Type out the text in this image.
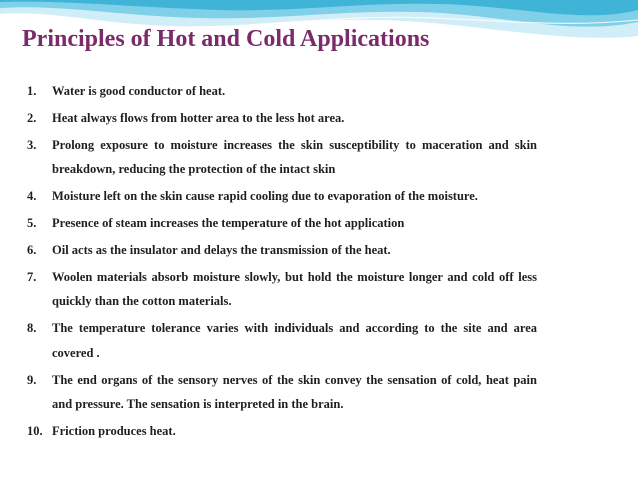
Principles of Hot and Cold Applications
1.	Water is good conductor of heat.
2.	Heat always flows from hotter area to the less hot area.
3.	Prolong exposure to moisture increases the skin susceptibility to maceration and skin breakdown, reducing the protection of the intact skin
4.	Moisture left on the skin cause rapid cooling due to evaporation of the moisture.
5.	Presence of steam increases the temperature of the hot application
6.	Oil acts as the insulator and delays the transmission of the heat.
7.	Woolen materials absorb moisture slowly, but hold the moisture longer and cold off less quickly than the cotton materials.
8.	The temperature tolerance varies with individuals and according to the site and area covered .
9.	The end organs of the sensory nerves of the skin convey the sensation of cold, heat pain and pressure. The sensation is interpreted in the brain.
10. Friction produces heat.
